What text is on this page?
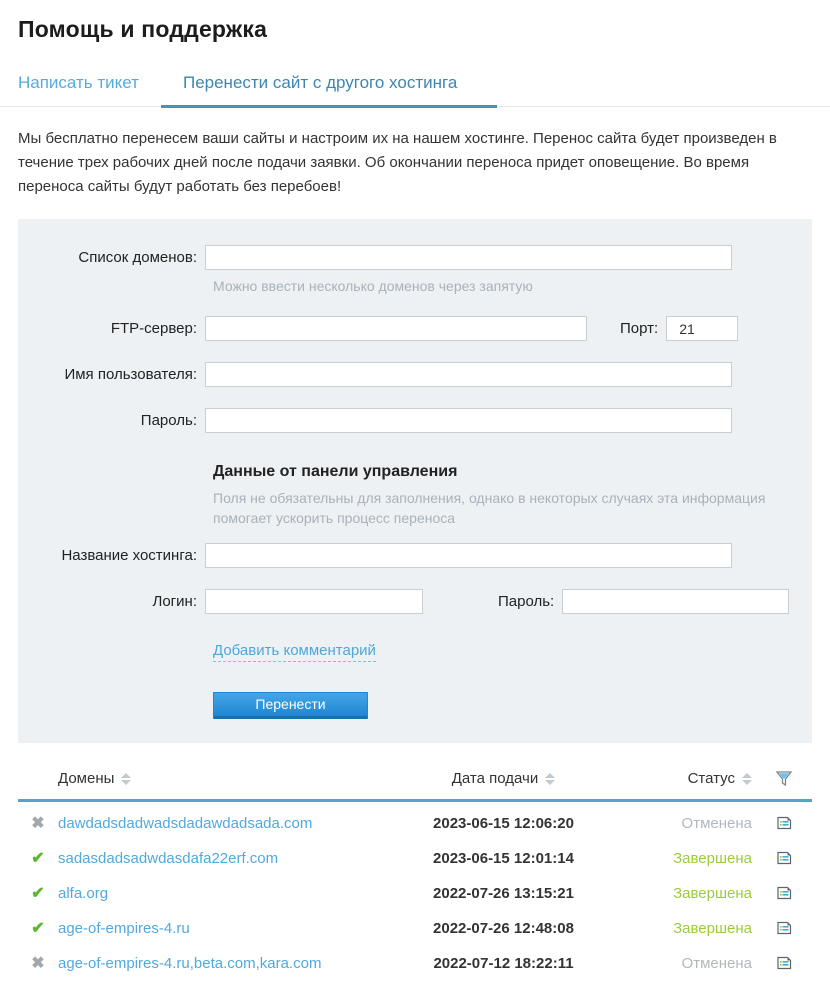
Помощь и поддержка
Написать тикет	Перенести сайт с другого хостинга

Мы бесплатно перенесем ваши сайты и настроим их на нашем хостинге. Перенос сайта будет произведен в течение трех рабочих дней после подачи заявки. Об окончании переноса придет оповещение. Во время переноса сайты будут работать без перебоев!

Список доменов:
Можно ввести несколько доменов через запятую
FTP-сервер:	Порт:
21
Имя пользователя:
Пароль:
Данные от панели управления
Поля не обязательны для заполнения, однако в некоторых случаях эта информация помогает ускорить процесс переноса
Название хостинга:
Логин:	Пароль:
Добавить комментарий
Перенести
Домены	Дата подачи	Статус
✖ dawdadsdadwadsdadawdadsada.com	2023-06-15 12:06:20	Отменена
✔ sadasdadsadwdasdafa22erf.com	2023-06-15 12:01:14	Завершена
✔ alfa.org	2022-07-26 13:15:21	Завершена
✔ age-of-empires-4.ru	2022-07-26 12:48:08	Завершена
✖ age-of-empires-4.ru,beta.com,kara.com	2022-07-12 18:22:11	Отменена
